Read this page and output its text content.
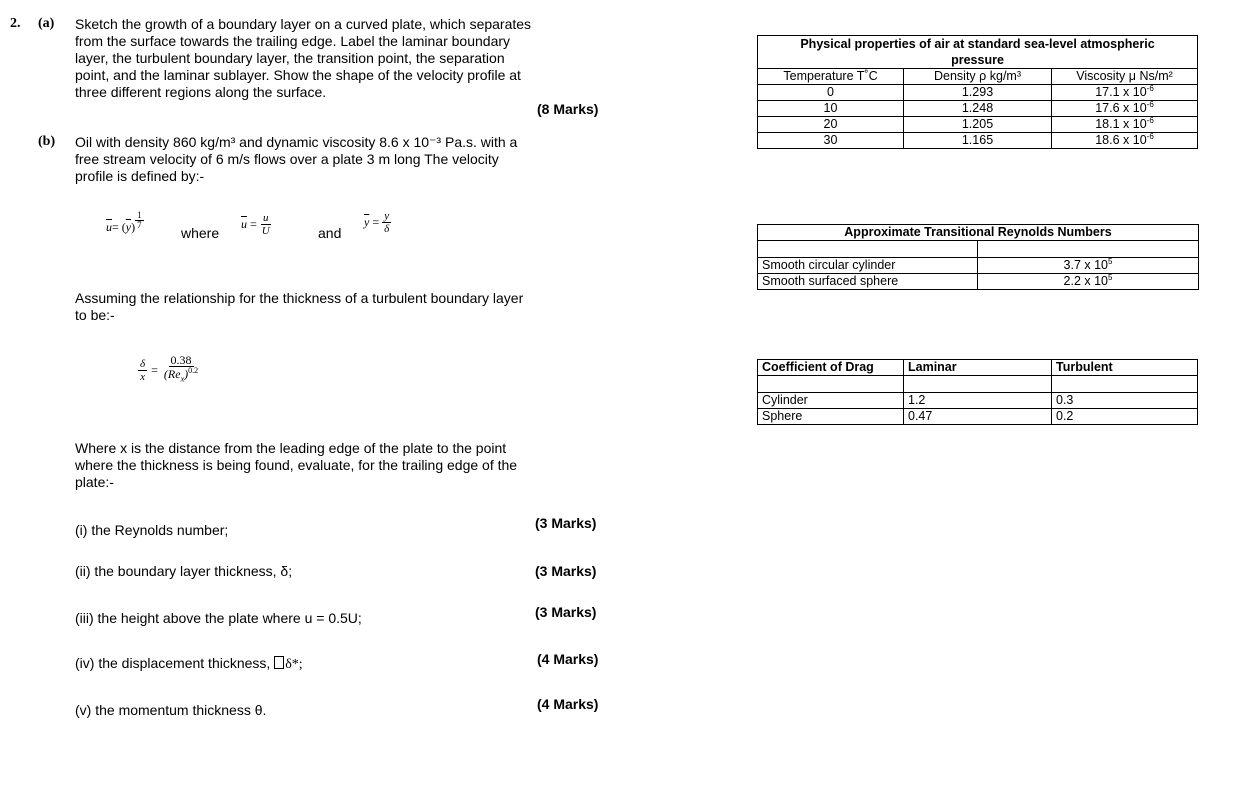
2. (a) Sketch the growth of a boundary layer on a curved plate, which separates
from the surface towards the trailing edge. Label the laminar boundary
layer, the turbulent boundary layer, the transition point, the separation
point, and the laminar sublayer. Show the shape of the velocity profile at
three different regions along the surface.
(8 Marks)
(b) Oil with density 860 kg/m³ and dynamic viscosity 8.6 x 10⁻³ Pa.s. with a
free stream velocity of 6 m/s flows over a plate 3 m long The velocity
profile is defined by:-
$\overline{u}$ = ( $\overline{y}$ ) $\frac{1}{7}$
where
$\overline{u} = \frac{u}{U}$	and
$\overline{y} = \frac{y}{\delta}$
Assuming the relationship for the thickness of a turbulent boundary layer
to be:-
$\frac{\delta}{x} = \frac{0.38}{(Re_x)^{0.2}}$
Where x is the distance from the leading edge of the plate to the point
where the thickness is being found, evaluate, for the trailing edge of the
plate:-
(i) the Reynolds number;	(3 Marks)
(ii) the boundary layer thickness, δ;	(3 Marks)
(iii) the height above the plate where u = 0.5U;	(3 Marks)
(iv) the displacement thickness, δ*;	(4 Marks)
(v) the momentum thickness θ.	(4 Marks)
Physical properties of air at standard sea-level atmospheric
pressure		

Temperature T˚C	Density ρ kg/m³	Viscosity μ Ns/m²
0	1.293	17.1 x $10^{-6}$
10	1.248	17.6 x $10^{-6}$
20	1.205	18.1 x $10^{-6}$
30	1.165	18.6 x $10^{-6}$
Approximate Transitional Reynolds Numbers	

Smooth circular cylinder	3.7 x $10^5$
Smooth surfaced sphere	2.2 x $10^5$
Coefficient of Drag	Laminar	Turbulent

Cylinder	1.2	0.3
Sphere	0.47	0.2
